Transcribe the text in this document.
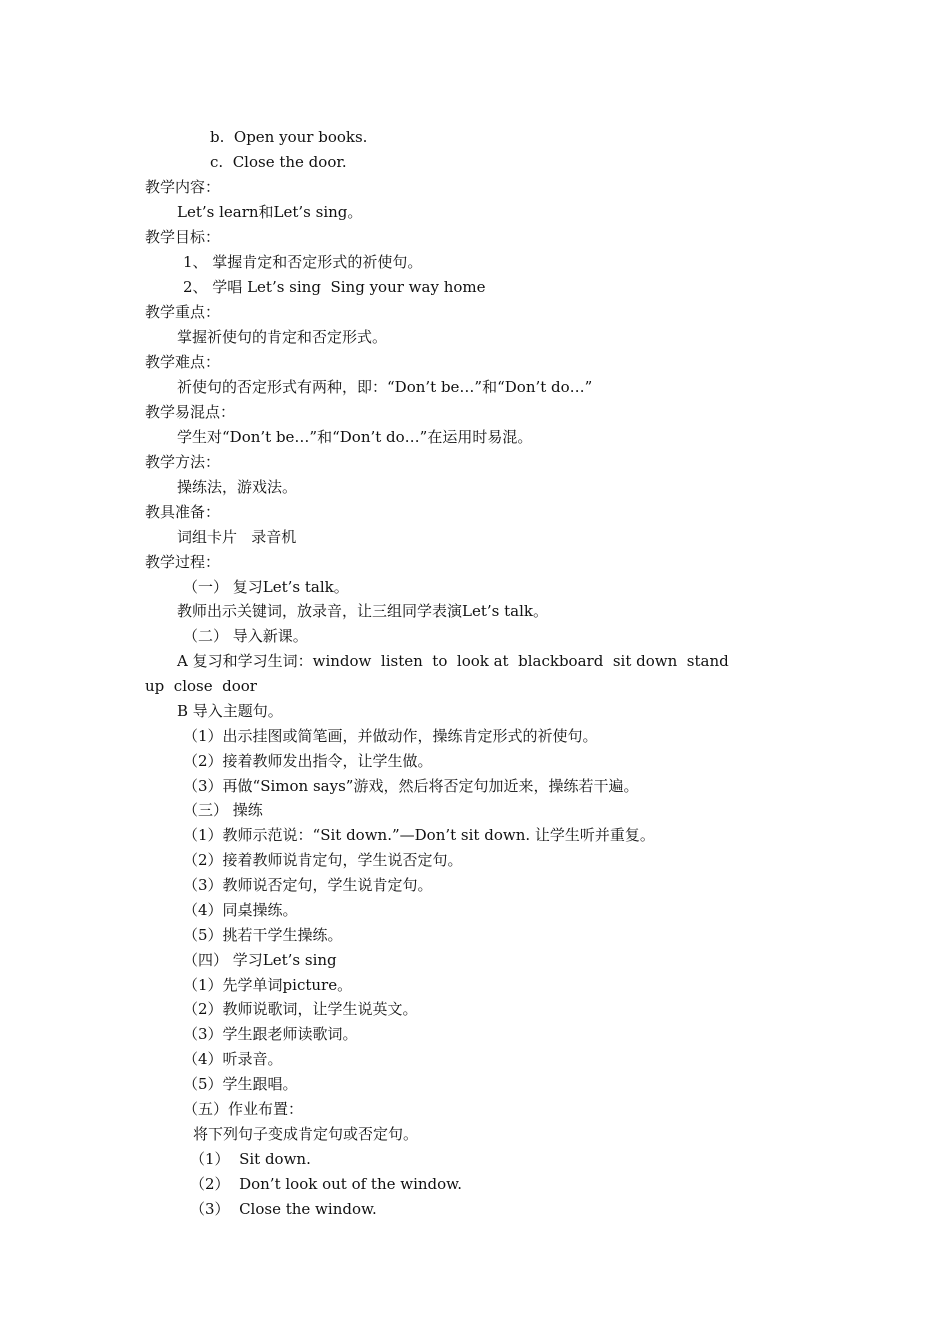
b.  Open your books.
c.  Close the door.
教学内容：
Let’s learn和Let’s sing。
教学目标：
1、 掌握肯定和否定形式的祈使句。
2、 学唱 Let’s sing  Sing your way home
教学重点：
掌握祈使句的肯定和否定形式。
教学难点：
祈使句的否定形式有两种，即：“Don’t be…”和“Don’t do…”
教学易混点：
学生对“Don’t be…”和“Don’t do…”在运用时易混。
教学方法：
操练法，游戏法。
教具准备：
词组卡片   录音机
教学过程：
（一） 复习Let’s talk。
教师出示关键词，放录音，让三组同学表演Let’s talk。
（二） 导入新课。
A 复习和学习生词：window  listen  to  look at  blackboard  sit down  stand
up  close  door
B 导入主题句。
（1）出示挂图或简笔画，并做动作，操练肯定形式的祈使句。
（2）接着教师发出指令，让学生做。
（3）再做“Simon says”游戏，然后将否定句加近来，操练若干遍。
（三） 操练
（1）教师示范说：“Sit down.”—Don’t sit down. 让学生听并重复。
（2）接着教师说肯定句，学生说否定句。
（3）教师说否定句，学生说肯定句。
（4）同桌操练。
（5）挑若干学生操练。
（四） 学习Let’s sing
（1）先学单词picture。
（2）教师说歌词，让学生说英文。
（3）学生跟老师读歌词。
（4）听录音。
（5）学生跟唱。
（五）作业布置：
将下列句子变成肯定句或否定句。
（1）  Sit down.
（2）  Don’t look out of the window.
（3）  Close the window.
